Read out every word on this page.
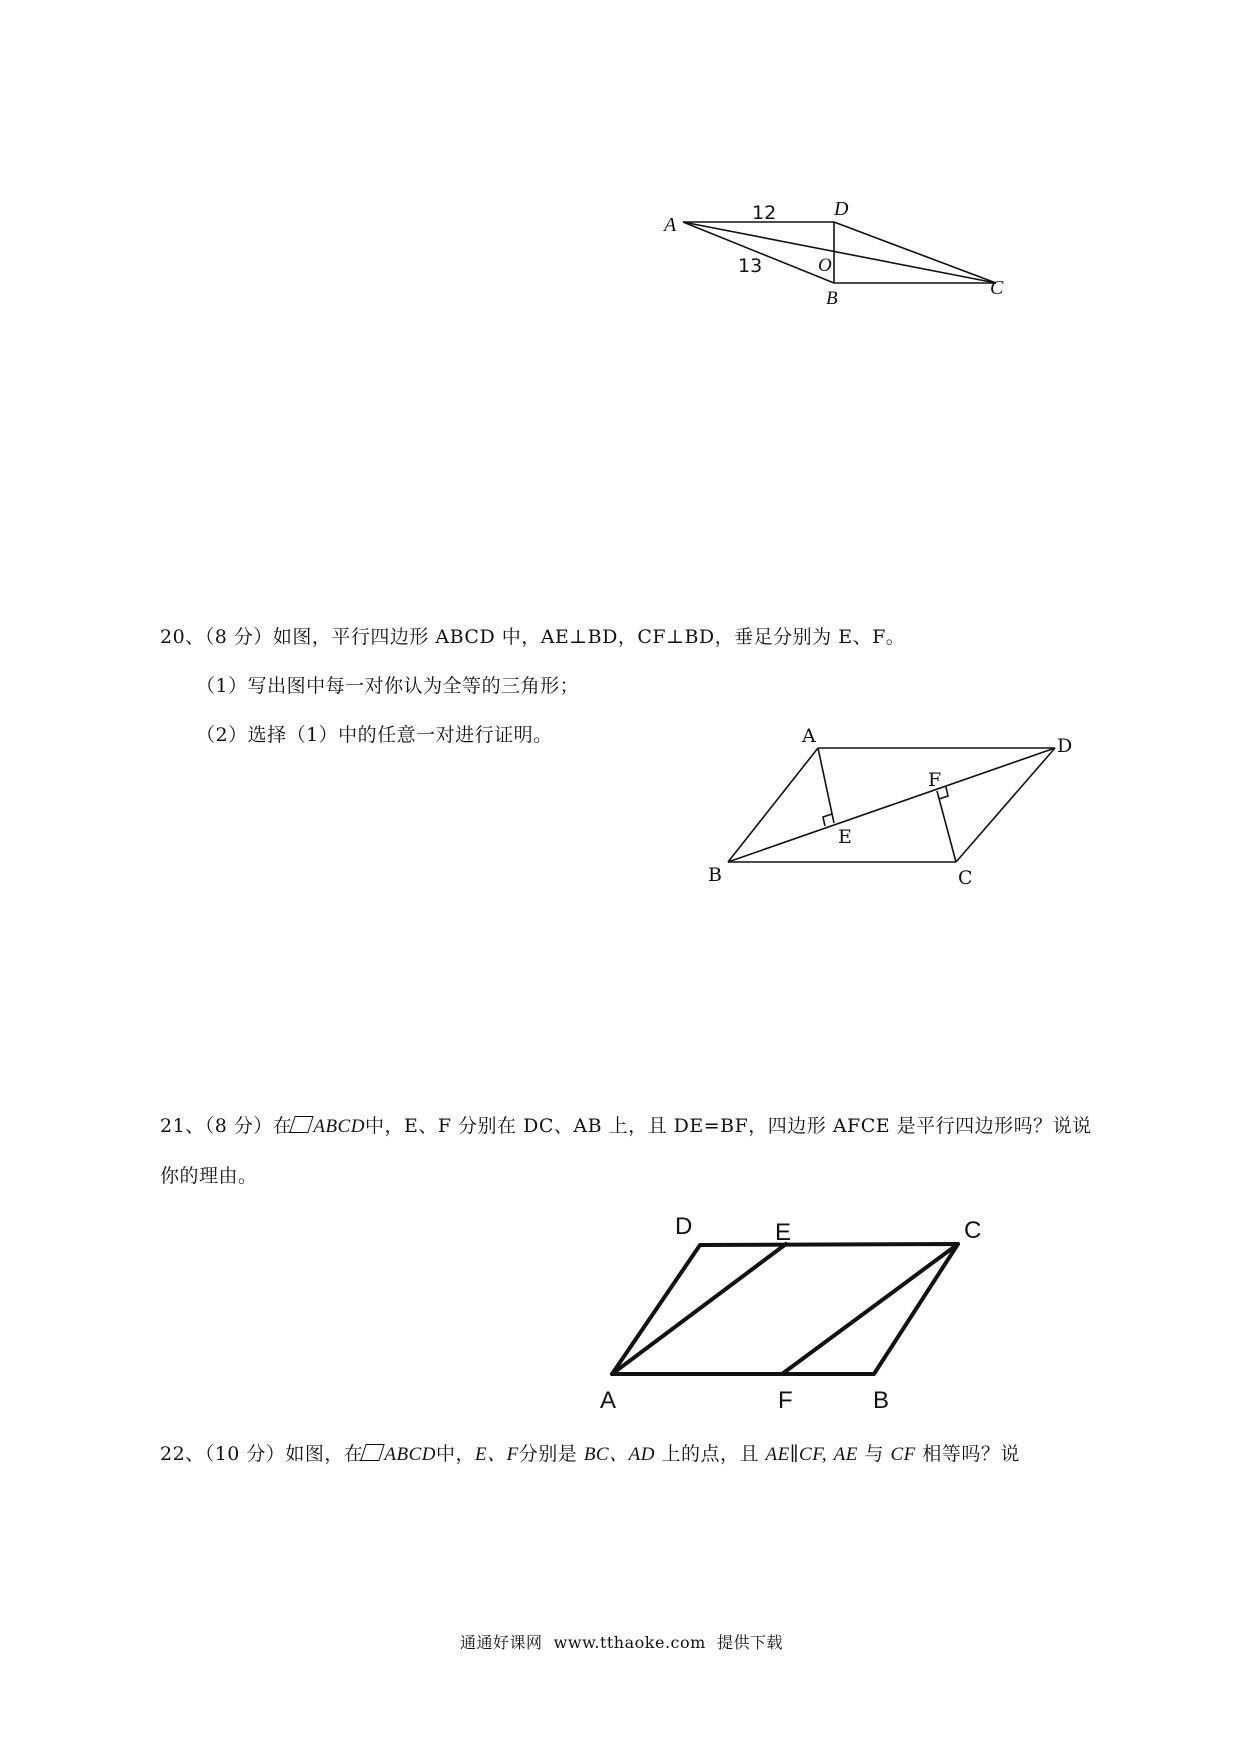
A
D
O
B	C
12
13
20、（8 分）如图，平行四边形 ABCD 中，AE⊥BD，CF⊥BD，垂足分别为 E、F。
（1）写出图中每一对你认为全等的三角形；
（2）选择（1）中的任意一对进行证明。	A	D
F
E
B	C
21、（8 分）在 ABCD中，E、F 分别在 DC、AB 上，且 DE=BF，四边形 AFCE 是平行四边形吗？说说
你的理由。
D	E	C
A	F	B
22、（10 分）如图，在 ABCD中，E、F分别是 BC、AD 上的点，且 AE∥CF, AE 与 CF 相等吗？说
通通好课网  www.tthaoke.com  提供下载
